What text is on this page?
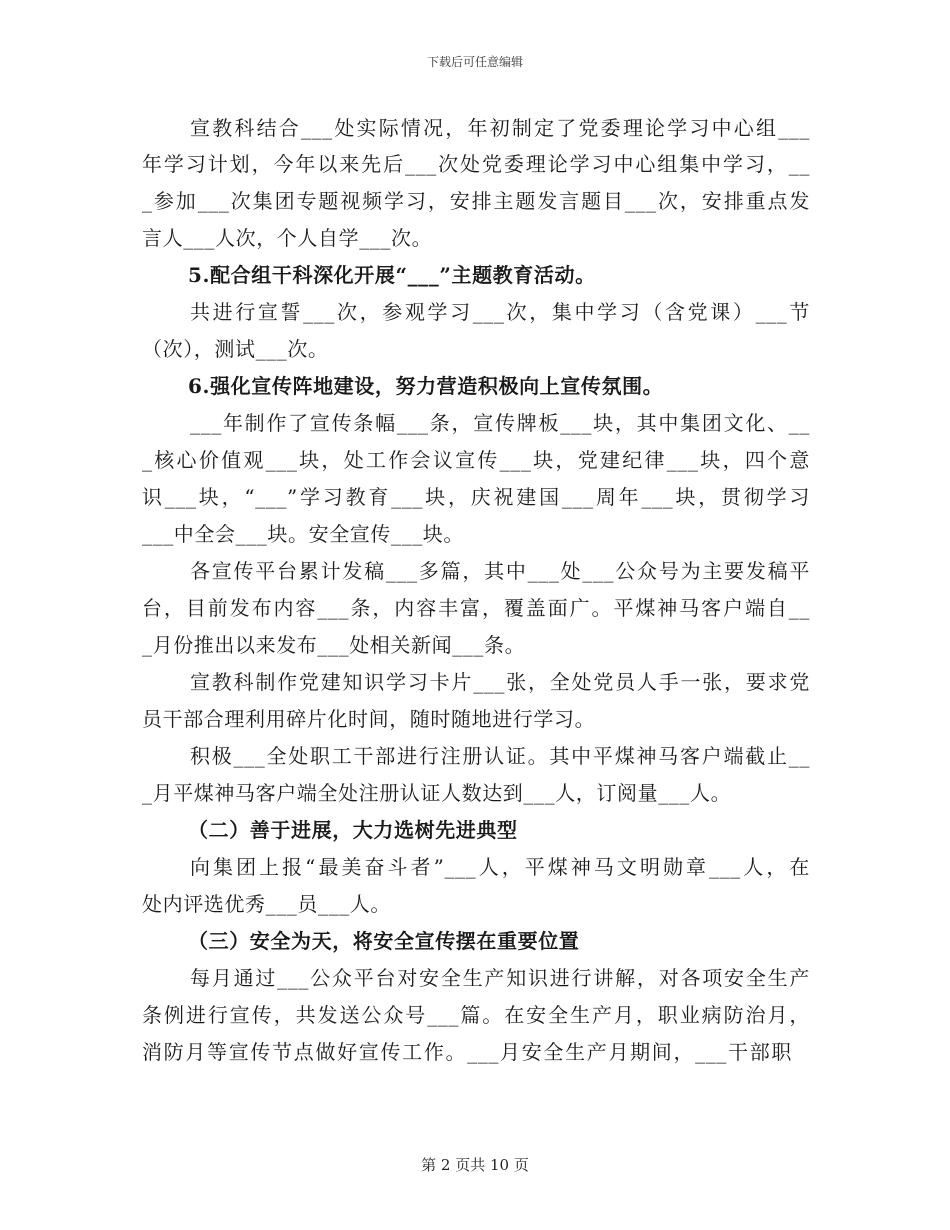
下载后可任意编辑
宣教科结合___处实际情况，年初制定了党委理论学习中心组___
年学习计划，今年以来先后___次处党委理论学习中心组集中学习，__
_参加___次集团专题视频学习，安排主题发言题目___次，安排重点发
言人___人次，个人自学___次。
5.配合组干科深化开展“___”主题教育活动。
共进行宣誓___次，参观学习___次，集中学习（含党课）___节
（次），测试___次。
6.强化宣传阵地建设，努力营造积极向上宣传氛围。
___年制作了宣传条幅___条，宣传牌板___块，其中集团文化、__
_核心价值观___块，处工作会议宣传___块，党建纪律___块，四个意
识___块，“___”学习教育___块，庆祝建国___周年___块，贯彻学习
___中全会___块。安全宣传___块。
各宣传平台累计发稿___多篇，其中___处___公众号为主要发稿平
台，目前发布内容___条，内容丰富，覆盖面广。平煤神马客户端自__
_月份推出以来发布___处相关新闻___条。
宣教科制作党建知识学习卡片___张，全处党员人手一张，要求党
员干部合理利用碎片化时间，随时随地进行学习。
积极___全处职工干部进行注册认证。其中平煤神马客户端截止__
_月平煤神马客户端全处注册认证人数达到___人，订阅量___人。
（二）善于进展，大力选树先进典型
向集团上报“最美奋斗者”___人，平煤神马文明勋章___人，在
处内评选优秀___员___人。
（三）安全为天，将安全宣传摆在重要位置
每月通过___公众平台对安全生产知识进行讲解，对各项安全生产
条例进行宣传，共发送公众号___篇。在安全生产月，职业病防治月，
消防月等宣传节点做好宣传工作。___月安全生产月期间，___干部职
第 2 页共 10 页
